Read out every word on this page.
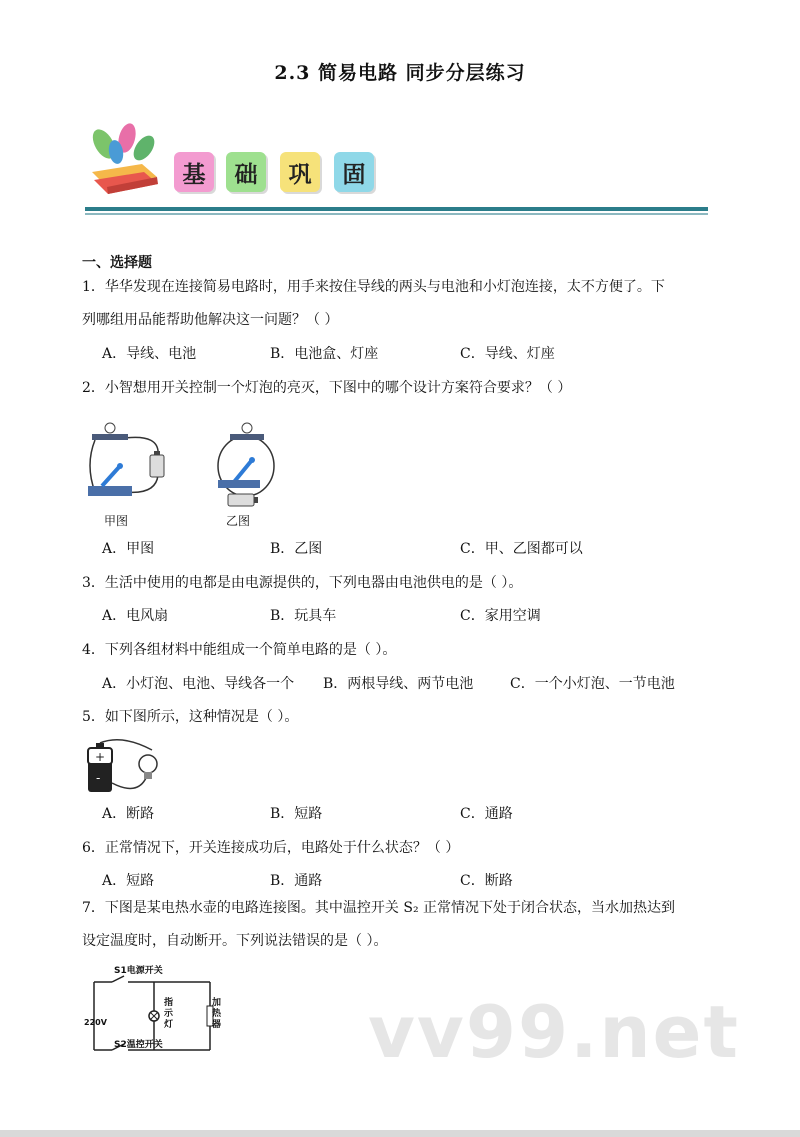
2.3 简易电路 同步分层练习
基	础	巩	固
一、选择题
1．华华发现在连接简易电路时，用手来按住导线的两头与电池和小灯泡连接，太不方便了。下
列哪组用品能帮助他解决这一问题？（ ）
A．导线、电池	B．电池盒、灯座	C．导线、灯座
2．小智想用开关控制一个灯泡的亮灭，下图中的哪个设计方案符合要求？（ ）
甲图	乙图
A．甲图	B．乙图	C．甲、乙图都可以
3．生活中使用的电都是由电源提供的，下列电器由电池供电的是（ ）。
A．电风扇	B．玩具车	C．家用空调
4．下列各组材料中能组成一个简单电路的是（ ）。
A．小灯泡、电池、导线各一个 B．两根导线、两节电池	C．一个小灯泡、一节电池
5．如下图所示，这种情况是（ ）。
+
-
A．断路	B．短路	C．通路
6．正常情况下，开关连接成功后，电路处于什么状态？（ ）
A．短路	B．通路	C．断路
7．下图是某电热水壶的电路连接图。其中温控开关 S₂ 正常情况下处于闭合状态，当水加热达到
设定温度时，自动断开。下列说法错误的是（ ）。
S1电源开关
S2温控开关
220V
指示灯
加热器 vv99.net
